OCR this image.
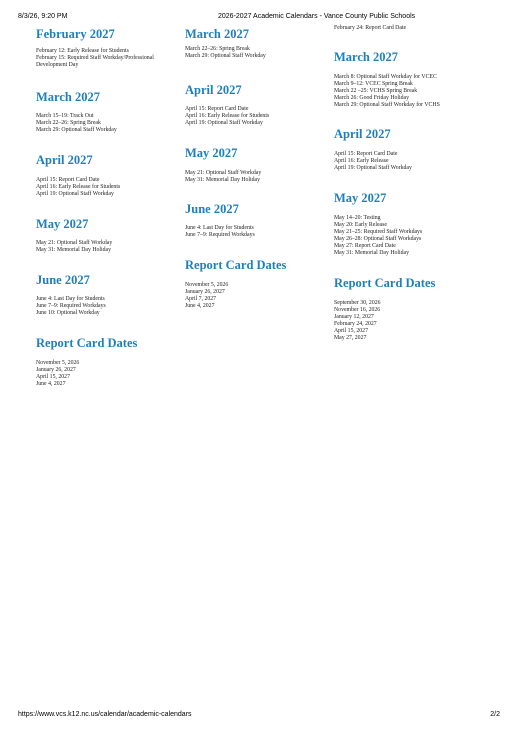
8/3/26, 9:20 PM	2026-2027 Academic Calendars - Vance County Public Schools
February 2027
February 12: Early Release for Students
February 15: Required Staff Workday/Professional
Development Day
March 2027
March 15–19: Track Out
March 22–26: Spring Break
March 29: Optional Staff Workday
April 2027
April 15: Report Card Date
April 16: Early Release for Students
April 19: Optional Staff Workday
May 2027
May 21: Optional Staff Workday
May 31: Memorial Day Holiday
June 2027
June 4: Last Day for Students
June 7–9: Required Workdays
June 10: Optional Workday
Report Card Dates
November 5, 2026
January 26, 2027
April 15, 2027
June 4, 2027
March 2027
March 22–26: Spring Break
March 29: Optional Staff Workday
April 2027
April 15: Report Card Date
April 16: Early Release for Students
April 19: Optional Staff Workday
May 2027
May 21: Optional Staff Workday
May 31: Memorial Day Holiday
June 2027
June 4: Last Day for Students
June 7–9: Required Workdays
Report Card Dates
November 5, 2026
January 26, 2027
April 7, 2027
June 4, 2027
February 24: Report Card Date
March 2027
March 8: Optional Staff Workday for VCEC
March 9–12: VCEC Spring Break
March 22 –25: VCHS Spring Break
March 26: Good Friday Holiday
March 29: Optional Staff Workday for VCHS
April 2027
April 15: Report Card Date
April 16: Early Release
April 19: Optional Staff Workday
May 2027
May 14–20: Testing
May 20: Early Release
May 21–25: Required Staff Workdays
May 26–28: Optional Staff Workdays
May 27: Report Card Date
May 31: Memorial Day Holiday
Report Card Dates
September 30, 2026
November 16, 2026
January 12, 2027
February 24, 2027
April 15, 2027
May 27, 2027
https://www.vcs.k12.nc.us/calendar/academic-calendars	2/2
